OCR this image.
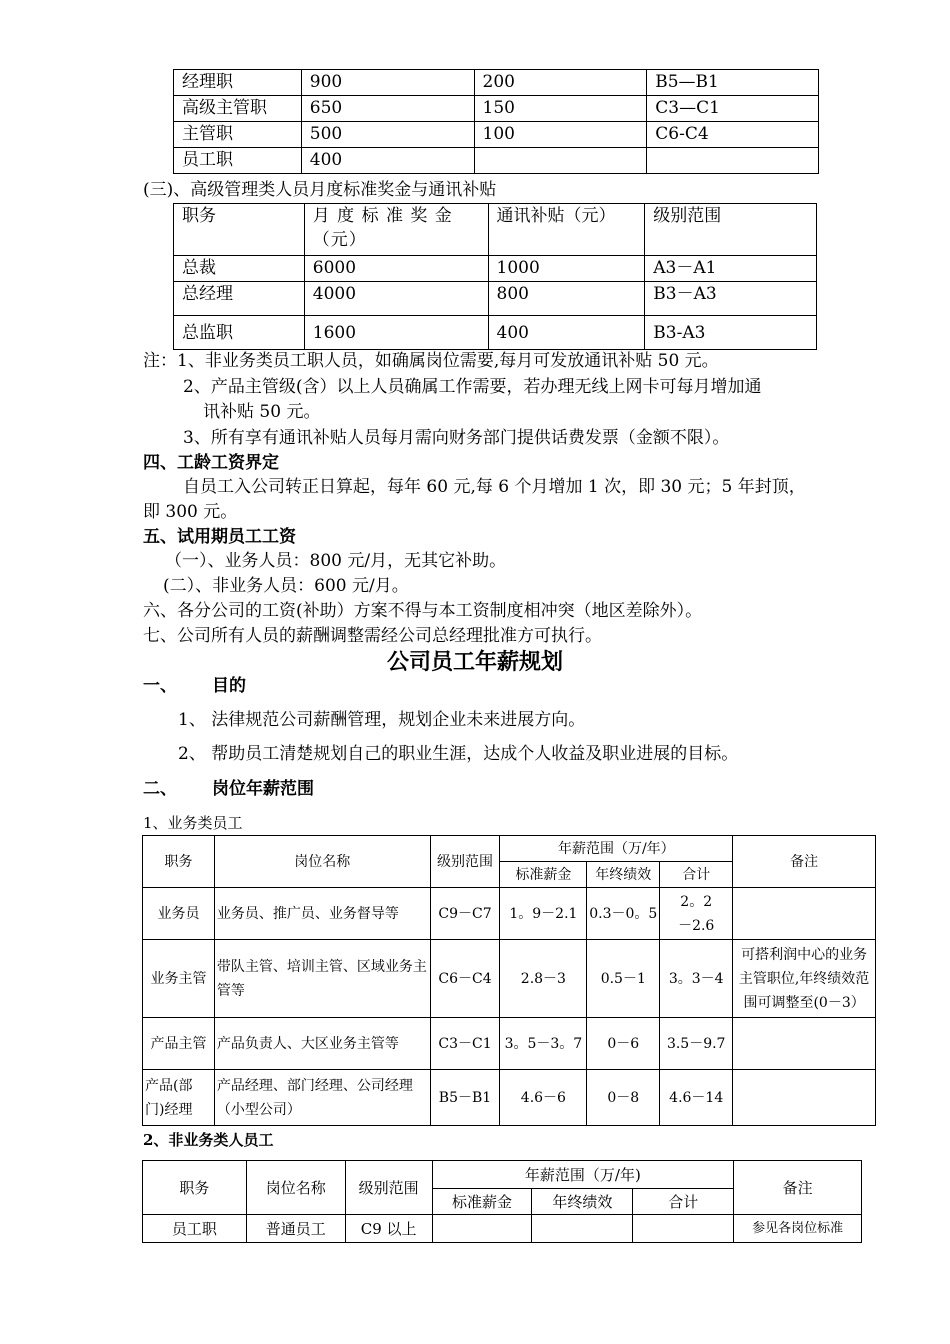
经理职	900	200	B5—B1
高级主管职	650	150	C3—C1
主管职	500	100	C6-C4
员工职	400		
(三)、高级管理类人员月度标准奖金与通讯补贴
职务	月 度 标 准 奖 金（元）	通讯补贴（元）	级别范围
总裁	6000	1000	A3－A1
总经理	4000	800	B3－A3
总监职	1600	400	B3-A3
注：1、非业务类员工职人员，如确属岗位需要,每月可发放通讯补贴 50 元。
2、产品主管级(含）以上人员确属工作需要，若办理无线上网卡可每月增加通
讯补贴 50 元。
3、所有享有通讯补贴人员每月需向财务部门提供话费发票（金额不限）。
四、工龄工资界定
自员工入公司转正日算起，每年 60 元,每 6 个月增加 1 次，即 30 元；5 年封顶，
即 300 元。
五、试用期员工工资
（一）、业务人员：800 元/月，无其它补助。
(二）、非业务人员：600 元/月。
六、各分公司的工资(补助）方案不得与本工资制度相冲突（地区差除外）。
七、公司所有人员的薪酬调整需经公司总经理批准方可执行。
公司员工年薪规划
一、 目的
1、 法律规范公司薪酬管理，规划企业未来进展方向。
2、 帮助员工清楚规划自己的职业生涯，达成个人收益及职业进展的目标。
二、 岗位年薪范围
1、业务类员工
职务	岗位名称	级别范围	年薪范围（万/年）			备注
			标准薪金	年终绩效	合计	
业务员	业务员、推广员、业务督导等	C9－C7	1。9－2.1	0.3－0。5	2。2－2.6	
业务主管	带队主管、培训主管、区域业务主管等	C6－C4	2.8－3	0.5－1	3。3－4	可搭利润中心的业务主管职位,年终绩效范围可调整至(0－3）
产品主管	产品负责人、大区业务主管等	C3－C1	3。5－3。7	0－6	3.5－9.7	
产品(部门)经理	产品经理、部门经理、公司经理（小型公司）	B5－B1	4.6－6	0－8	4.6－14	
2、非业务类人员工
职务	岗位名称	级别范围	年薪范围（万/年)			备注
			标准薪金	年终绩效	合计	
员工职	普通员工	C9 以上				参见各岗位标准
